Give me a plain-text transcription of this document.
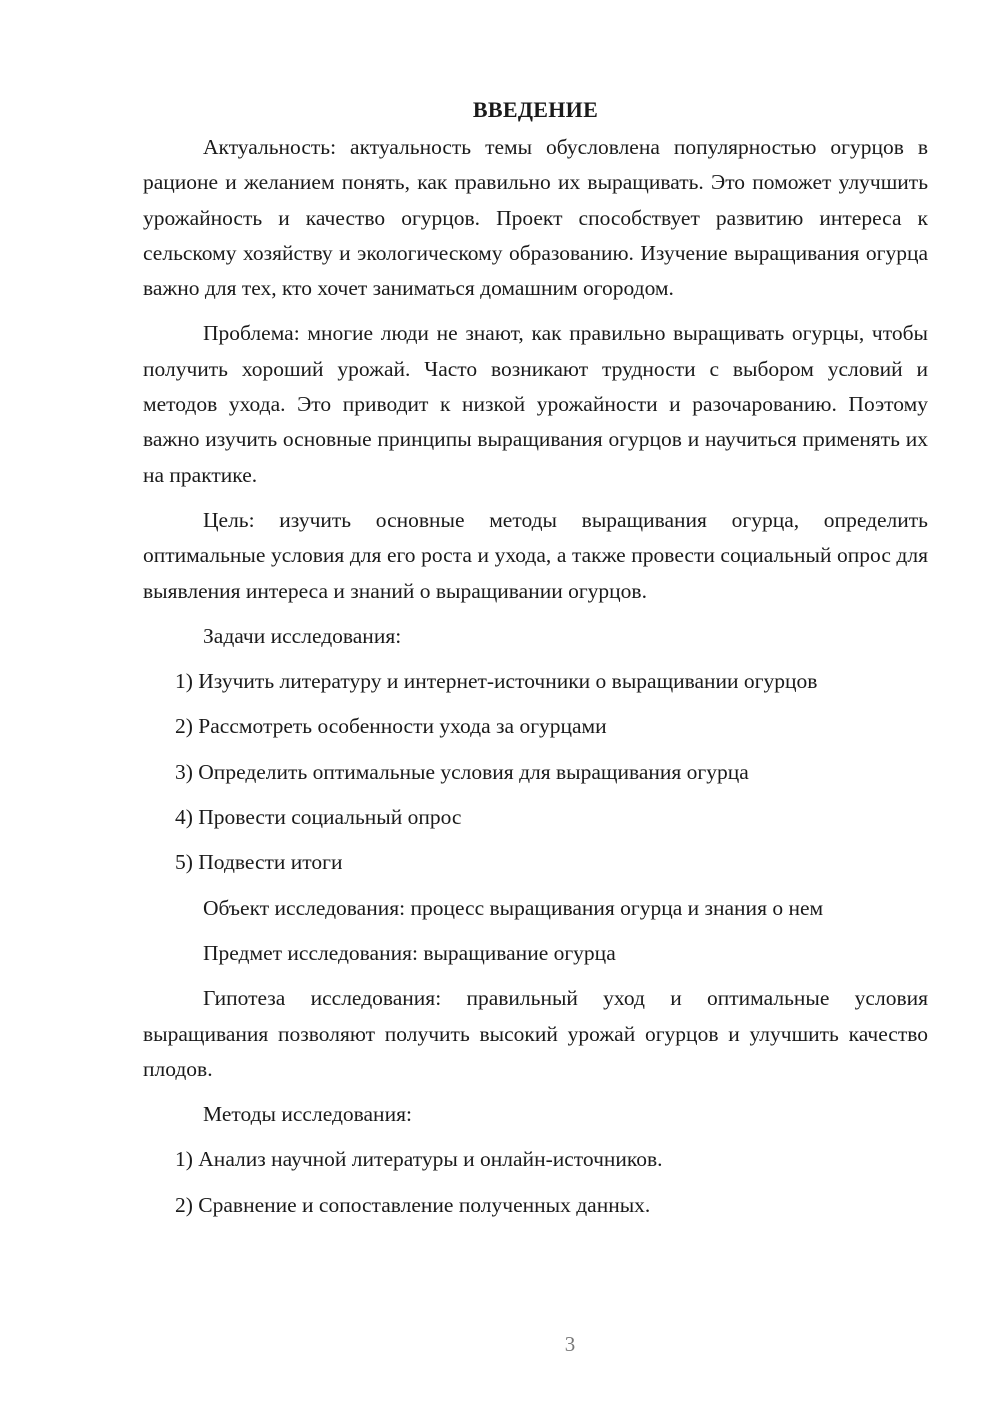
ВВЕДЕНИЕ

Актуальность: актуальность темы обусловлена популярностью огурцов в рационе и желанием понять, как правильно их выращивать. Это поможет улучшить урожайность и качество огурцов. Проект способствует развитию интереса к сельскому хозяйству и экологическому образованию. Изучение выращивания огурца важно для тех, кто хочет заниматься домашним огородом.

Проблема: многие люди не знают, как правильно выращивать огурцы, чтобы получить хороший урожай. Часто возникают трудности с выбором условий и методов ухода. Это приводит к низкой урожайности и разочарованию. Поэтому важно изучить основные принципы выращивания огурцов и научиться применять их на практике.

Цель: изучить основные методы выращивания огурца, определить оптимальные условия для его роста и ухода, а также провести социальный опрос для выявления интереса и знаний о выращивании огурцов.

Задачи исследования:

1) Изучить литературу и интернет-источники о выращивании огурцов

2) Рассмотреть особенности ухода за огурцами

3) Определить оптимальные условия для выращивания огурца

4) Провести социальный опрос

5) Подвести итоги

Объект исследования: процесс выращивания огурца и знания о нем

Предмет исследования: выращивание огурца

Гипотеза исследования: правильный уход и оптимальные условия выращивания позволяют получить высокий урожай огурцов и улучшить качество плодов.

Методы исследования:

1) Анализ научной литературы и онлайн-источников.

2) Сравнение и сопоставление полученных данных.

3
